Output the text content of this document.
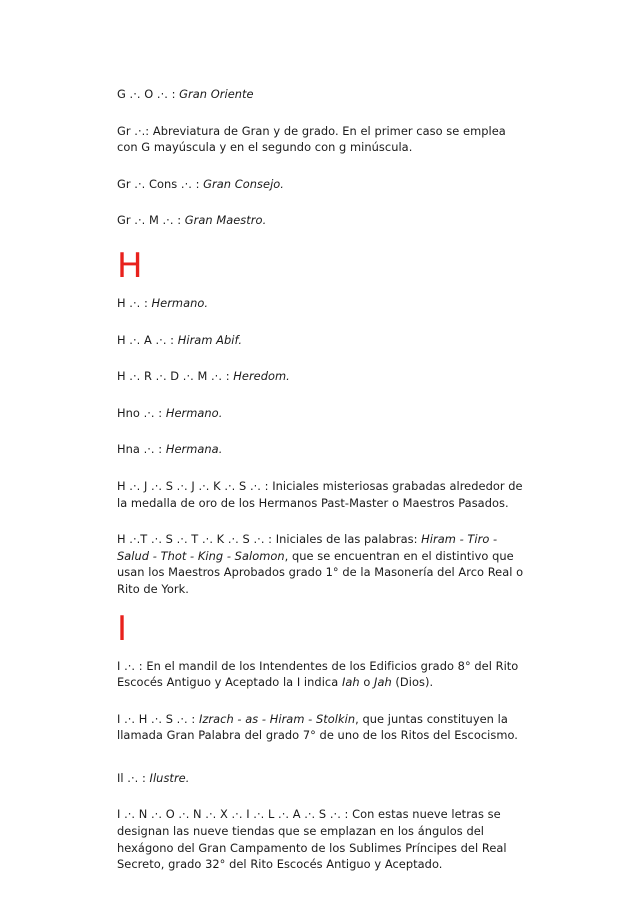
G .·. O .·. : Gran Oriente

Gr .·.: Abreviatura de Gran y de grado. En el primer caso se emplea con G mayúscula y en el segundo con g minúscula.

Gr .·. Cons .·. : Gran Consejo.

Gr .·. M .·. : Gran Maestro.

H

H .·. : Hermano.

H .·. A .·. : Hiram Abif.

H .·. R .·. D .·. M .·. : Heredom.

Hno .·. : Hermano.

Hna .·. : Hermana.

H .·. J .·. S .·. J .·. K .·. S .·. : Iniciales misteriosas grabadas alrededor de la medalla de oro de los Hermanos Past-Master o Maestros Pasados.

H .·.T .·. S .·. T .·. K .·. S .·. : Iniciales de las palabras: Hiram - Tiro - Salud - Thot - King - Salomon, que se encuentran en el distintivo que usan los Maestros Aprobados grado 1° de la Masonería del Arco Real o Rito de York.

I

I .·. : En el mandil de los Intendentes de los Edificios grado 8° del Rito Escocés Antiguo y Aceptado la I indica Iah o Jah (Dios).

I .·. H .·. S .·. : Izrach - as - Hiram - Stolkin, que juntas constituyen la llamada Gran Palabra del grado 7° de uno de los Ritos del Escocismo.

Il .·. : Ilustre.

I .·. N .·. O .·. N .·. X .·. I .·. L .·. A .·. S .·. : Con estas nueve letras se designan las nueve tiendas que se emplazan en los ángulos del hexágono del Gran Campamento de los Sublimes Príncipes del Real Secreto, grado 32° del Rito Escocés Antiguo y Aceptado.
